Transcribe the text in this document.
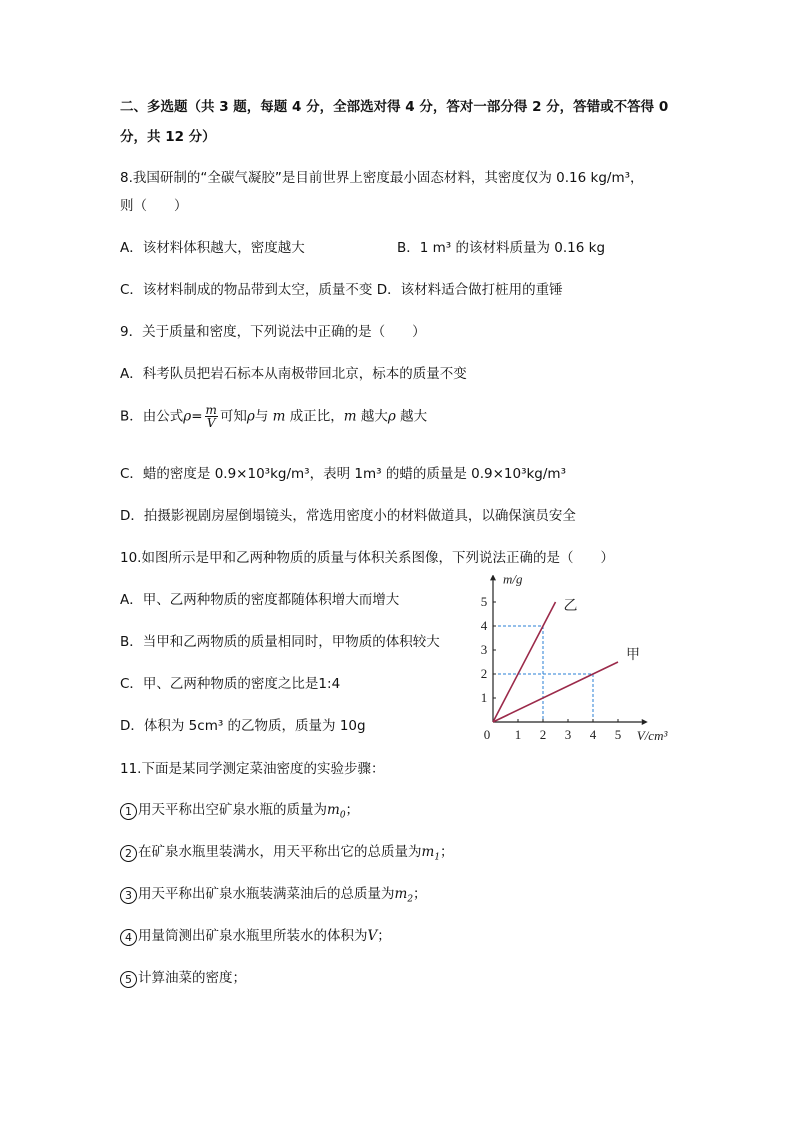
二、多选题（共 3 题，每题 4 分，全部选对得 4 分，答对一部分得 2 分，答错或不答得 0
分，共 12 分）
8.我国研制的“全碳气凝胶”是目前世界上密度最小固态材料，其密度仅为 0.16 kg/m³，
则（　　）
A．该材料体积越大，密度越大	B．1 m³ 的该材料质量为 0.16 kg
C．该材料制成的物品带到太空，质量不变 D．该材料适合做打桩用的重锤
9．关于质量和密度，下列说法中正确的是（　　）
A．科考队员把岩石标本从南极带回北京，标本的质量不变
B．由公式$\rho= \frac{m}{V}$ 可知ρ与 m 成正比，m 越大ρ 越大
C．蜡的密度是 0.9×10³kg/m³，表明 1m³ 的蜡的质量是 0.9×10³kg/m³
D．拍摄影视剧房屋倒塌镜头，常选用密度小的材料做道具，以确保演员安全
10.如图所示是甲和乙两种物质的质量与体积关系图像，下列说法正确的是（　　）
A．甲、乙两种物质的密度都随体积增大而增大
B．当甲和乙两物质的质量相同时，甲物质的体积较大
C．甲、乙两种物质的密度之比是1:4
D．体积为 5cm³ 的乙物质，质量为 10g
1
2
3
4
5
0 1 2 3 4 5
m/g
V/cm³
乙
甲
11.下面是某同学测定菜油密度的实验步骤：
1 用天平称出空矿泉水瓶的质量为$m_0$；
2 在矿泉水瓶里装满水，用天平称出它的总质量为$m_1$；
3 用天平称出矿泉水瓶装满菜油后的总质量为$m_2$；
4 用量筒测出矿泉水瓶里所装水的体积为V；
5 计算油菜的密度；
